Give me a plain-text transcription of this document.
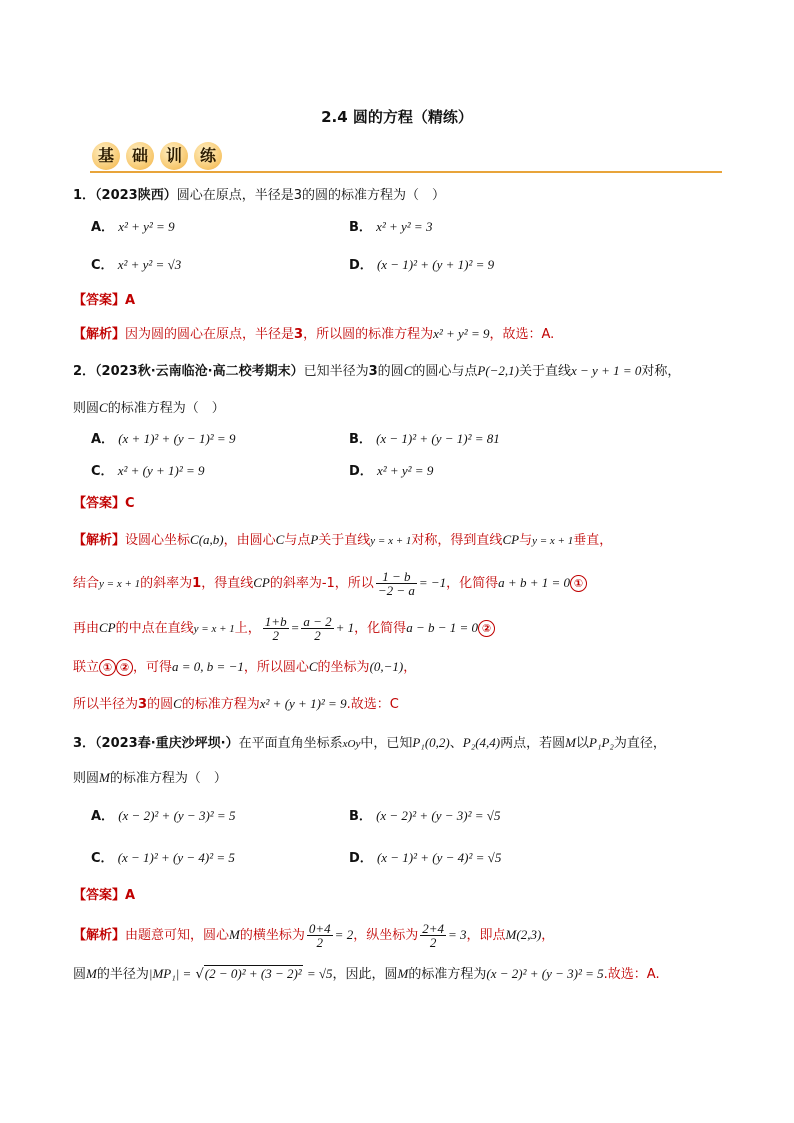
2.4 圆的方程（精练）
基	础	训	练
1．（2023陕西）圆心在原点，半径是3的圆的标准方程为（　）
A． x² + y² = 9	B． x² + y² = 3
C． x² + y² = √3	D． (x − 1)² + (y + 1)² = 9
【答案】A
【解析】因为圆的圆心在原点，半径是3，所以圆的标准方程为x² + y² = 9，故选：A.
2．（2023秋·云南临沧·高二校考期末）已知半径为3的圆C的圆心与点P(−2,1)关于直线x − y + 1 = 0对称，
则圆C的标准方程为（　）
A． (x + 1)² + (y − 1)² = 9	B． (x − 1)² + (y − 1)² = 81
C． x² + (y + 1)² = 9	D． x² + y² = 9
【答案】C
【解析】设圆心坐标C(a,b)，由圆心C与点P关于直线y = x + 1对称，得到直线CP与y = x + 1垂直，
结合y = x + 1的斜率为1，得直线CP的斜率为-1，所以 $\frac{1 - b}{-2 - a} = -1$，化简得a + b + 1 = 0 ①
再由CP的中点在直线y = x + 1上， $\frac{1+b}{2} = \frac{a - 2}{2} + 1$，化简得a − b − 1 = 0 ②
联立 ① ② ，可得a = 0, b = −1，所以圆心C的坐标为(0,−1)，
所以半径为3的圆C的标准方程为x² + (y + 1)² = 9.故选：C
3．（2023春·重庆沙坪坝·）在平面直角坐标系xOy中，已知P₁(0,2)、P₂(4,4)两点，若圆M以P₁P₂为直径，
则圆M的标准方程为（　）
A． (x − 2)² + (y − 3)² = 5	B． (x − 2)² + (y − 3)² = √5
C． (x − 1)² + (y − 4)² = 5	D． (x − 1)² + (y − 4)² = √5
【答案】A
【解析】由题意可知，圆心M的横坐标为 $\frac{0+4}{2} = 2$，纵坐标为 $\frac{2+4}{2} = 3$，即点M(2,3)，
圆M的半径为|MP₁| = √(2 − 0)² + (3 − 2)² = √5，因此，圆M的标准方程为(x − 2)² + (y − 3)² = 5.故选：A.
